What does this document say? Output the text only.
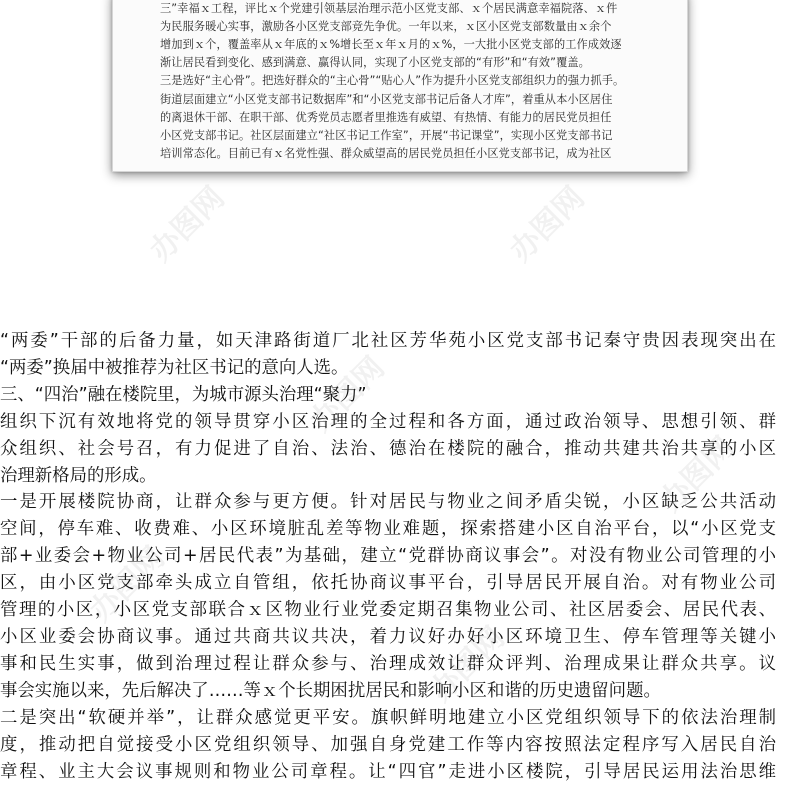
三”幸福ｘ工程，评比ｘ个党建引领基层治理示范小区党支部、ｘ个居民满意幸福院落、ｘ件
为民服务暖心实事，激励各小区党支部竞先争优。一年以来，ｘ区小区党支部数量由ｘ余个
增加到ｘ个，覆盖率从ｘ年底的ｘ%增长至ｘ年ｘ月的ｘ%，一大批小区党支部的工作成效逐
渐让居民看到变化、感到满意、赢得认同，实现了小区党支部的“有形”和“有效”覆盖。
三是选好“主心骨”。把选好群众的“主心骨”“贴心人”作为提升小区党支部组织力的强力抓手。
街道层面建立“小区党支部书记数据库”和“小区党支部书记后备人才库”，着重从本小区居住
的离退休干部、在职干部、优秀党员志愿者里推选有威望、有热情、有能力的居民党员担任
小区党支部书记。社区层面建立“社区书记工作室”，开展“书记课堂”，实现小区党支部书记
培训常态化。目前已有ｘ名党性强、群众威望高的居民党员担任小区党支部书记，成为社区
办图网	办图网
办图网
办图网
办图网
办图网
“两委”干部的后备力量，如天津路街道厂北社区芳华苑小区党支部书记秦守贵因表现突出在
“两委”换届中被推荐为社区书记的意向人选。
三、“四治”融在楼院里，为城市源头治理“聚力”
组织下沉有效地将党的领导贯穿小区治理的全过程和各方面，通过政治领导、思想引领、群
众组织、社会号召，有力促进了自治、法治、德治在楼院的融合，推动共建共治共享的小区
治理新格局的形成。
一是开展楼院协商，让群众参与更方便。针对居民与物业之间矛盾尖锐，小区缺乏公共活动
空间，停车难、收费难、小区环境脏乱差等物业难题，探索搭建小区自治平台，以“小区党支
部+业委会+物业公司+居民代表”为基础，建立“党群协商议事会”。对没有物业公司管理的小
区，由小区党支部牵头成立自管组，依托协商议事平台，引导居民开展自治。对有物业公司
管理的小区，小区党支部联合ｘ区物业行业党委定期召集物业公司、社区居委会、居民代表、
小区业委会协商议事。通过共商共议共决，着力议好办好小区环境卫生、停车管理等关键小
事和民生实事，做到治理过程让群众参与、治理成效让群众评判、治理成果让群众共享。议
事会实施以来，先后解决了……等ｘ个长期困扰居民和影响小区和谐的历史遗留问题。
二是突出“软硬并举”，让群众感觉更平安。旗帜鲜明地建立小区党组织领导下的依法治理制
度，推动把自觉接受小区党组织领导、加强自身党建工作等内容按照法定程序写入居民自治
章程、业主大会议事规则和物业公司章程。让“四官”走进小区楼院，引导居民运用法治思维
